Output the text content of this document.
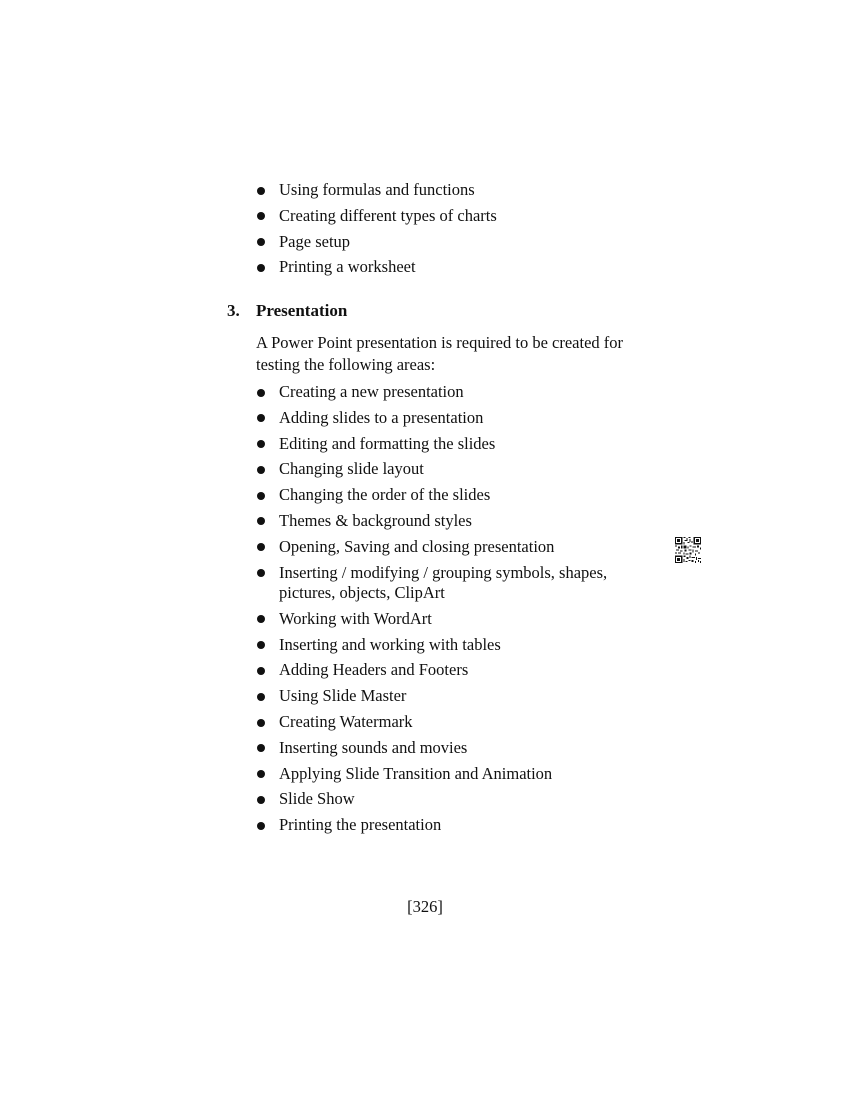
Using formulas and functions
Creating different types of charts
Page setup
Printing a worksheet
3. Presentation

A Power Point presentation is required to be created for testing the following areas:

Creating a new presentation
Adding slides to a presentation
Editing and formatting the slides
Changing slide layout
Changing the order of the slides
Themes & background styles
Opening, Saving and closing presentation
Inserting / modifying / grouping symbols, shapes, pictures, objects, ClipArt
Working with WordArt
Inserting and working with tables
Adding Headers and Footers
Using Slide Master
Creating Watermark
Inserting sounds and movies
Applying Slide Transition and Animation
Slide Show
Printing the presentation
[326]
